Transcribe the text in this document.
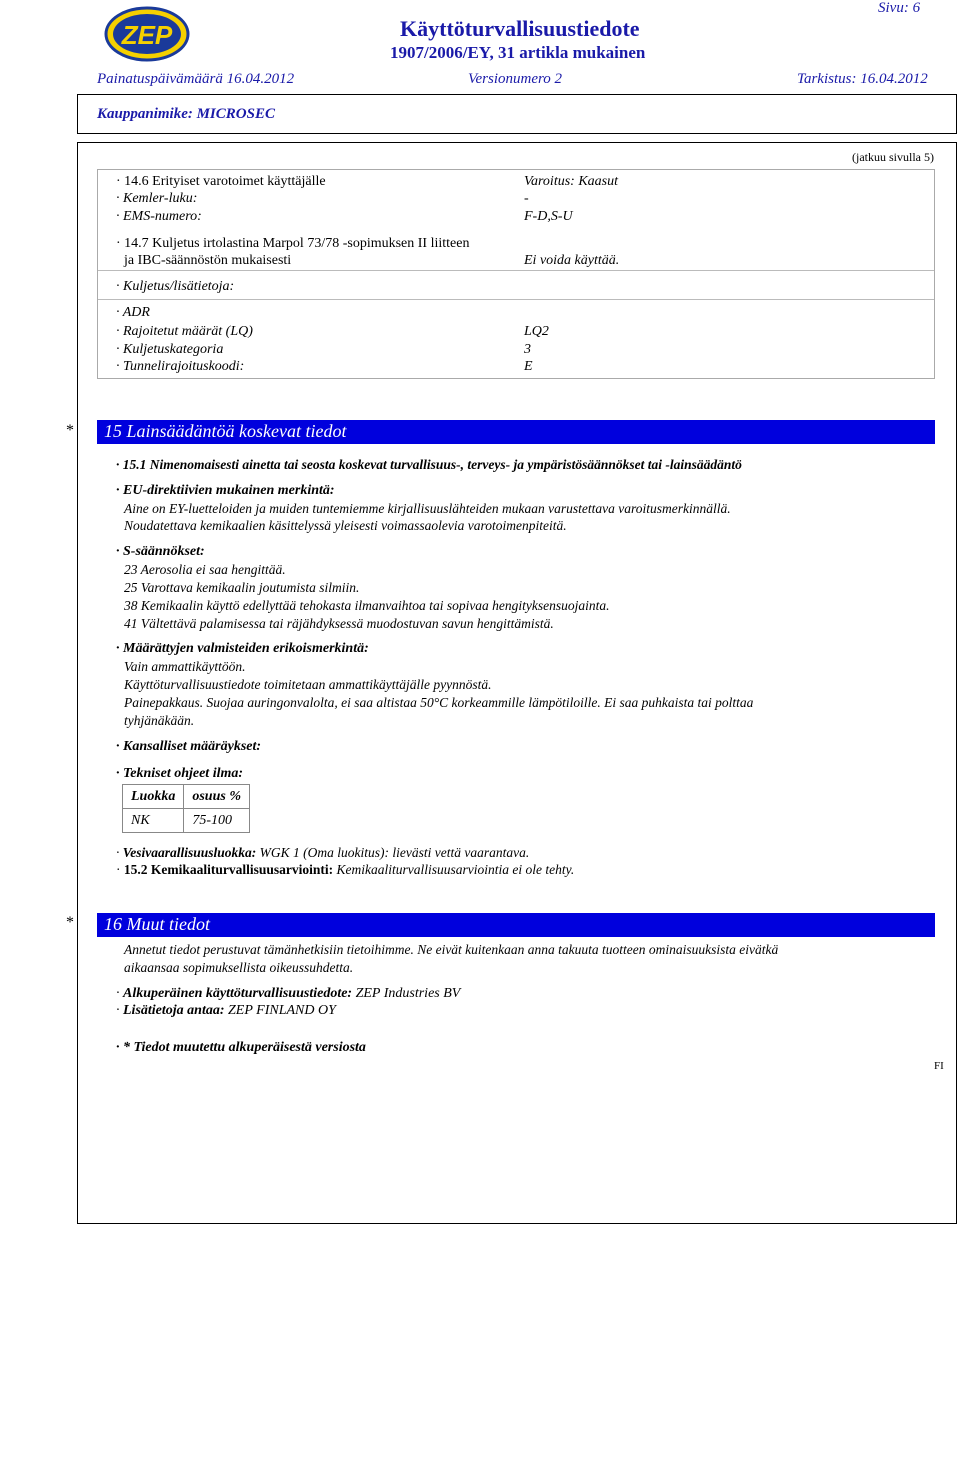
ZEP	Käyttöturvallisuustiedote
1907/2006/EY, 31 artikla mukainen
Sivu: 6
Painatuspäivämäärä 16.04.2012	Versionumero 2	Tarkistus: 16.04.2012
Kauppanimike: MICROSEC
(jatkuu sivulla 5)
· 14.6 Erityiset varotoimet käyttäjälle	Varoitus: Kaasut
· Kemler-luku:	-
· EMS-numero:	F-D,S-U
· 14.7 Kuljetus irtolastina Marpol 73/78 -sopimuksen II liitteen
ja IBC-säännöstön mukaisesti	Ei voida käyttää.
· Kuljetus/lisätietoja:
· ADR
· Rajoitetut määrät (LQ)	LQ2
· Kuljetuskategoria	3
· Tunnelirajoituskoodi:	E
* 15 Lainsäädäntöä koskevat tiedot
· 15.1 Nimenomaisesti ainetta tai seosta koskevat turvallisuus-, terveys- ja ympäristösäännökset tai -lainsäädäntö
· EU-direktiivien mukainen merkintä:
Aine on EY-luetteloiden ja muiden tuntemiemme kirjallisuuslähteiden mukaan varustettava varoitusmerkinnällä.
Noudatettava kemikaalien käsittelyssä yleisesti voimassaolevia varotoimenpiteitä.
· S-säännökset:
23 Aerosolia ei saa hengittää.
25 Varottava kemikaalin joutumista silmiin.
38 Kemikaalin käyttö edellyttää tehokasta ilmanvaihtoa tai sopivaa hengityksensuojainta.
41 Vältettävä palamisessa tai räjähdyksessä muodostuvan savun hengittämistä.
· Määrättyjen valmisteiden erikoismerkintä:
Vain ammattikäyttöön.
Käyttöturvallisuustiedote toimitetaan ammattikäyttäjälle pyynnöstä.
Painepakkaus. Suojaa auringonvalolta, ei saa altistaa 50°C korkeammille lämpötiloille. Ei saa puhkaista tai polttaa
tyhjänäkään.
· Kansalliset määräykset:
· Tekniset ohjeet ilma:
Luokka	osuus %
NK	75-100
· Vesivaarallisuusluokka: WGK 1 (Oma luokitus): lievästi vettä vaarantava.
· 15.2 Kemikaaliturvallisuusarviointi: Kemikaaliturvallisuusarviointia ei ole tehty.
* 16 Muut tiedot
Annetut tiedot perustuvat tämänhetkisiin tietoihimme. Ne eivät kuitenkaan anna takuuta tuotteen ominaisuuksista eivätkä
aikaansaa sopimuksellista oikeussuhdetta.
· Alkuperäinen käyttöturvallisuustiedote: ZEP Industries BV
· Lisätietoja antaa: ZEP FINLAND OY
· * Tiedot muutettu alkuperäisestä versiosta
FI
